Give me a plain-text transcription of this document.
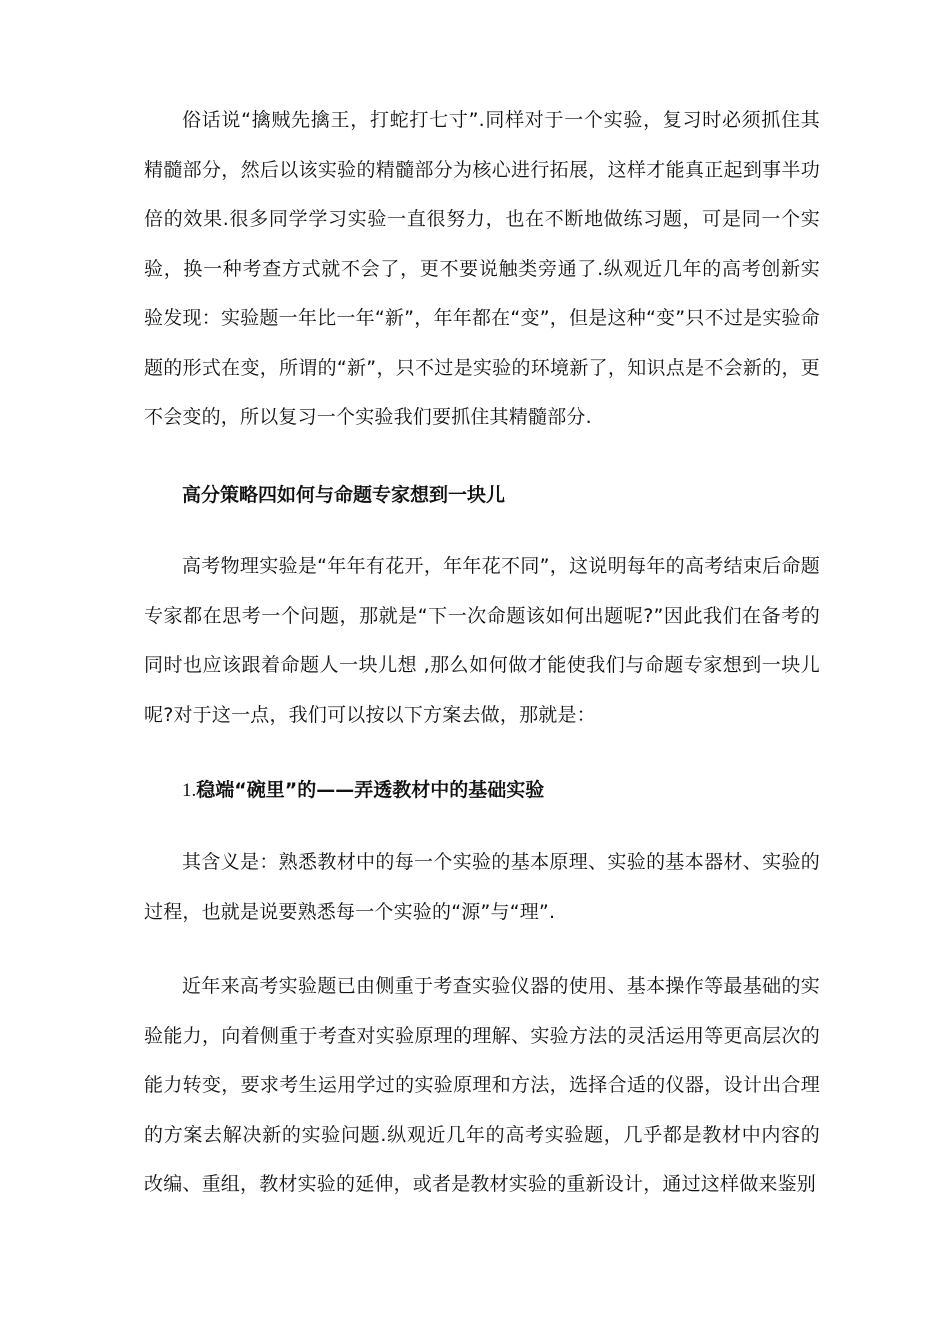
俗话说“擒贼先擒王，打蛇打七寸”.同样对于一个实验，复习时必须抓住其精髓部分，然后以该实验的精髓部分为核心进行拓展，这样才能真正起到事半功倍的效果.很多同学学习实验一直很努力，也在不断地做练习题，可是同一个实验，换一种考查方式就不会了，更不要说触类旁通了.纵观近几年的高考创新实验发现：实验题一年比一年“新”，年年都在“变”，但是这种“变”只不过是实验命题的形式在变，所谓的“新”，只不过是实验的环境新了，知识点是不会新的，更不会变的，所以复习一个实验我们要抓住其精髓部分.

高分策略四如何与命题专家想到一块儿

高考物理实验是“年年有花开，年年花不同”，这说明每年的高考结束后命题专家都在思考一个问题，那就是“下一次命题该如何出题呢?”因此我们在备考的同时也应该跟着命题人一块儿想 ,那么如何做才能使我们与命题专家想到一块儿呢?对于这一点，我们可以按以下方案去做，那就是：

1.稳端“碗里”的——弄透教材中的基础实验

其含义是：熟悉教材中的每一个实验的基本原理、实验的基本器材、实验的过程，也就是说要熟悉每一个实验的“源”与“理”.

近年来高考实验题已由侧重于考查实验仪器的使用、基本操作等最基础的实验能力，向着侧重于考查对实验原理的理解、实验方法的灵活运用等更高层次的能力转变，要求考生运用学过的实验原理和方法，选择合适的仪器，设计出合理的方案去解决新的实验问题.纵观近几年的高考实验题，几乎都是教材中内容的改编、重组，教材实验的延伸，或者是教材实验的重新设计，通过这样做来鉴别
